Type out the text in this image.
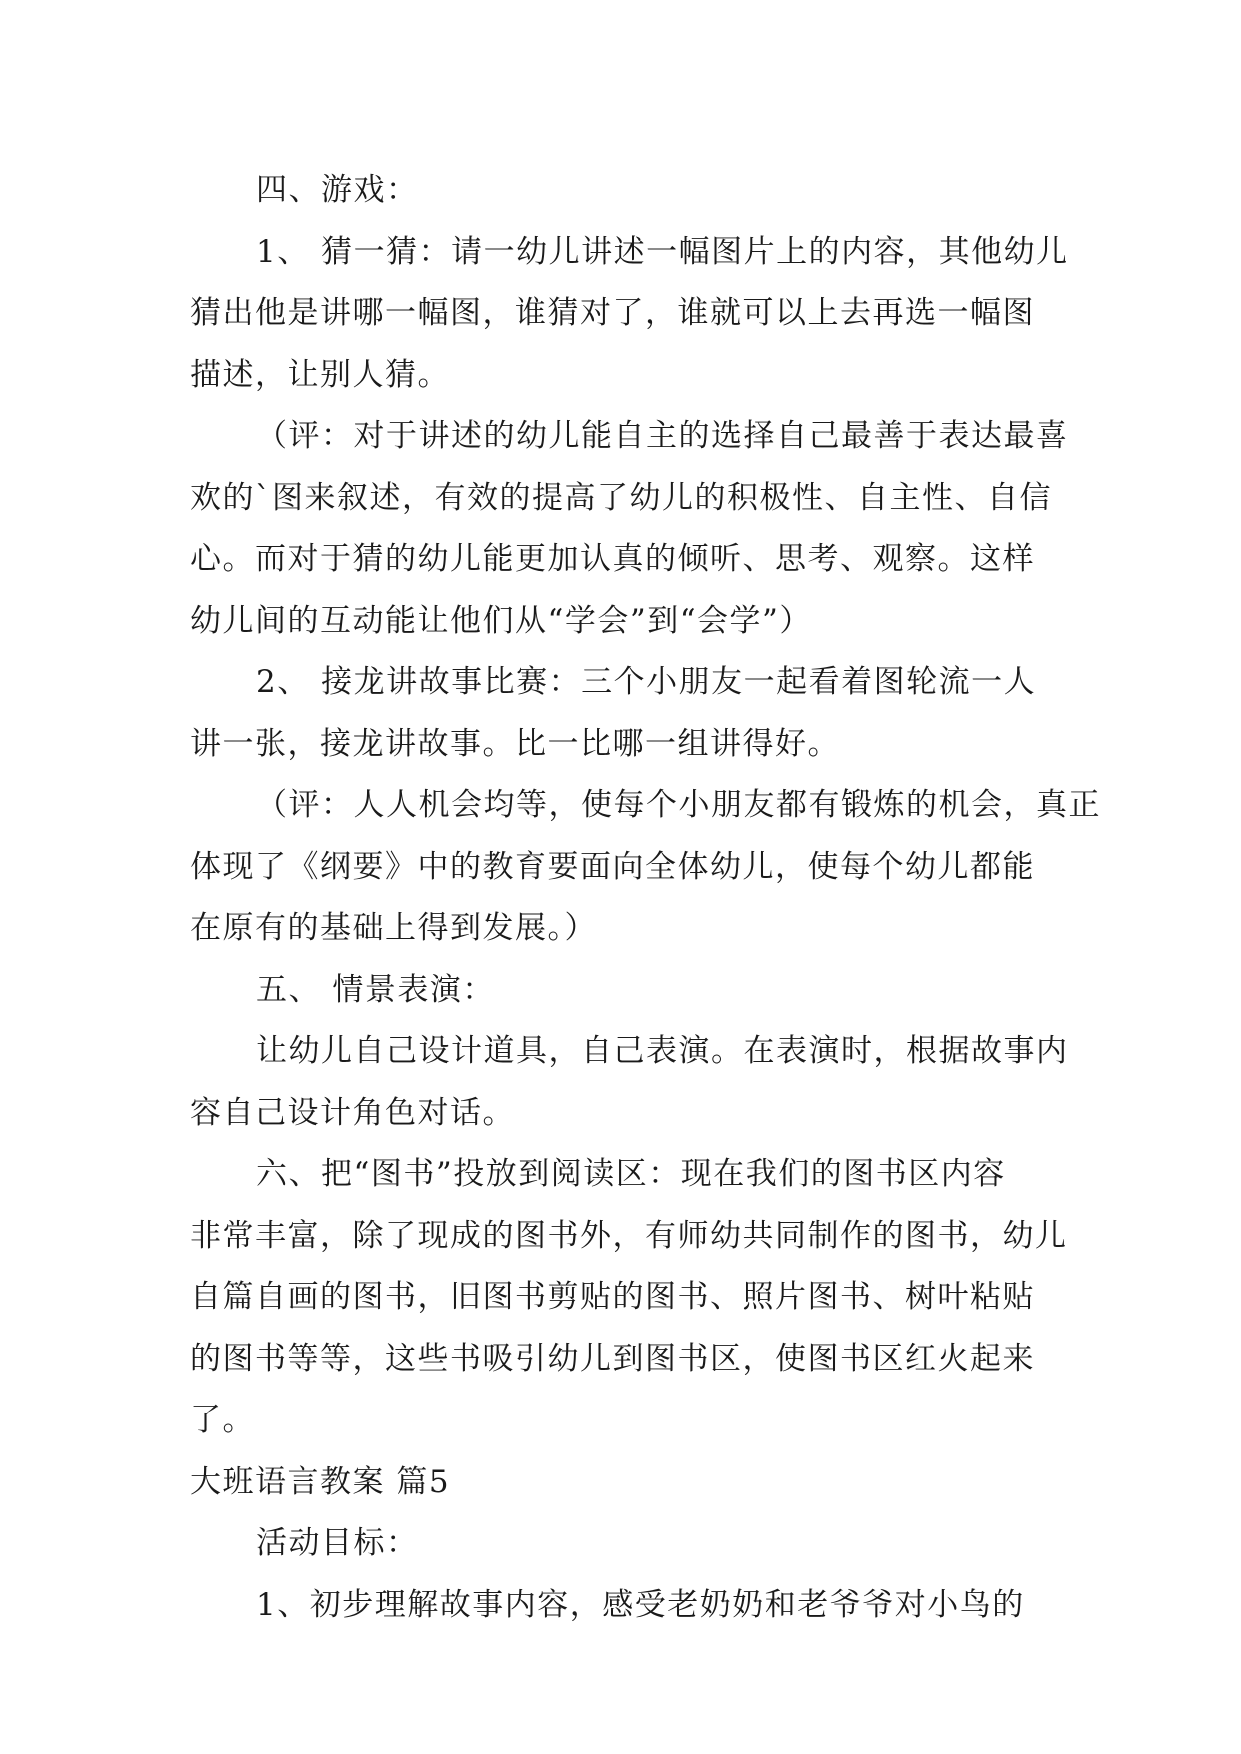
四、游戏：
1、 猜一猜：请一幼儿讲述一幅图片上的内容，其他幼儿
猜出他是讲哪一幅图，谁猜对了，谁就可以上去再选一幅图
描述，让别人猜。
（评：对于讲述的幼儿能自主的选择自己最善于表达最喜
欢的`图来叙述，有效的提高了幼儿的积极性、自主性、自信
心。而对于猜的幼儿能更加认真的倾听、思考、观察。这样
幼儿间的互动能让他们从“学会”到“会学”）
2、 接龙讲故事比赛：三个小朋友一起看着图轮流一人
讲一张，接龙讲故事。比一比哪一组讲得好。
（评：人人机会均等，使每个小朋友都有锻炼的机会，真正
体现了《纲要》中的教育要面向全体幼儿，使每个幼儿都能
在原有的基础上得到发展。）
五、 情景表演：
让幼儿自己设计道具，自己表演。在表演时，根据故事内
容自己设计角色对话。
六、把“图书”投放到阅读区：现在我们的图书区内容
非常丰富，除了现成的图书外，有师幼共同制作的图书，幼儿
自篇自画的图书，旧图书剪贴的图书、照片图书、树叶粘贴
的图书等等，这些书吸引幼儿到图书区，使图书区红火起来
了。
大班语言教案 篇5
活动目标：
1、初步理解故事内容，感受老奶奶和老爷爷对小鸟的
